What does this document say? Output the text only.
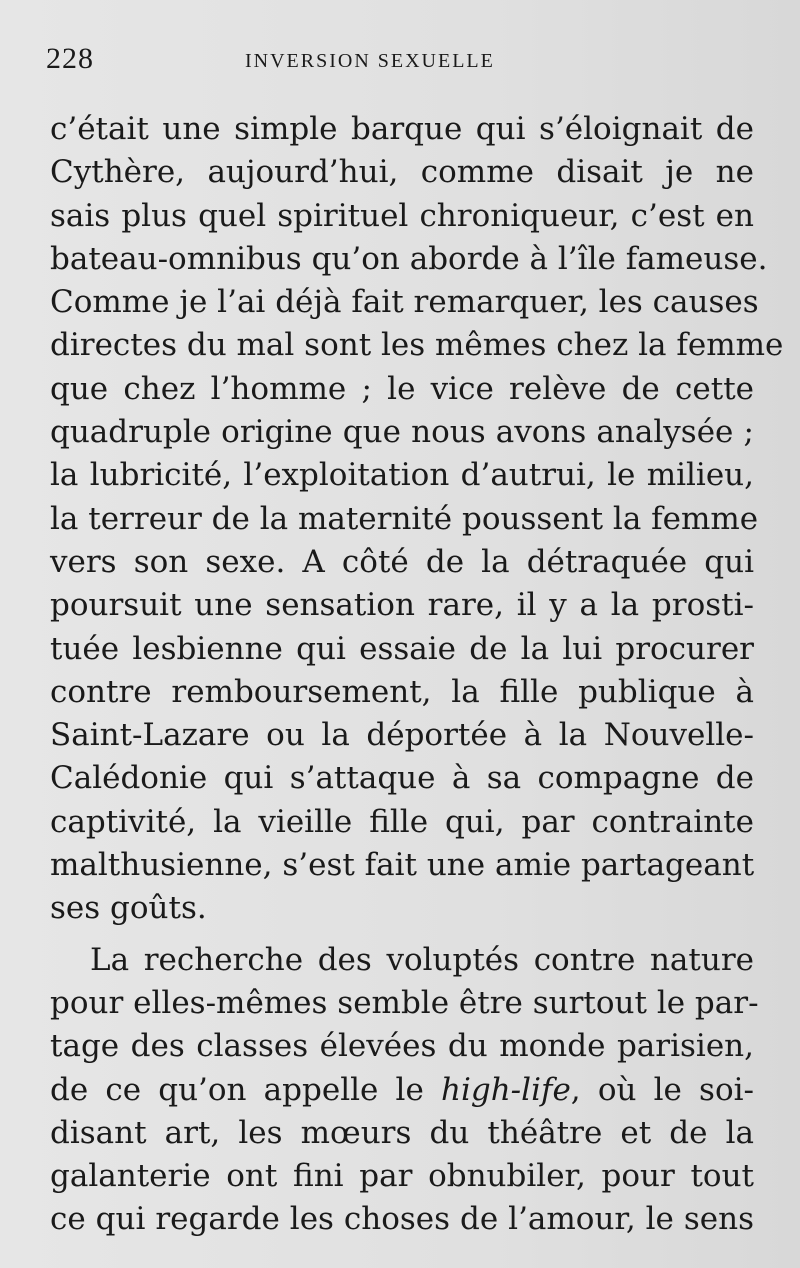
228	INVERSION SEXUELLE
c’était une simple barque qui s’éloignait de
Cythère, aujourd’hui, comme disait je ne
sais plus quel spirituel chroniqueur, c’est en
bateau-omnibus qu’on aborde à l’île fameuse.
Comme je l’ai déjà fait remarquer, les causes
directes du mal sont les mêmes chez la femme
que chez l’homme ; le vice relève de cette
quadruple origine que nous avons analysée ;
la lubricité, l’exploitation d’autrui, le milieu,
la terreur de la maternité poussent la femme
vers son sexe. A côté de la détraquée qui
poursuit une sensation rare, il y a la prosti-
tuée lesbienne qui essaie de la lui procurer
contre remboursement, la fille publique à
Saint-Lazare ou la déportée à la Nouvelle-
Calédonie qui s’attaque à sa compagne de
captivité, la vieille fille qui, par contrainte
malthusienne, s’est fait une amie partageant
ses goûts.
La recherche des voluptés contre nature
pour elles-mêmes semble être surtout le par-
tage des classes élevées du monde parisien,
de ce qu’on appelle le high-life, où le soi-
disant art, les mœurs du théâtre et de la
galanterie ont fini par obnubiler, pour tout
ce qui regarde les choses de l’amour, le sens
